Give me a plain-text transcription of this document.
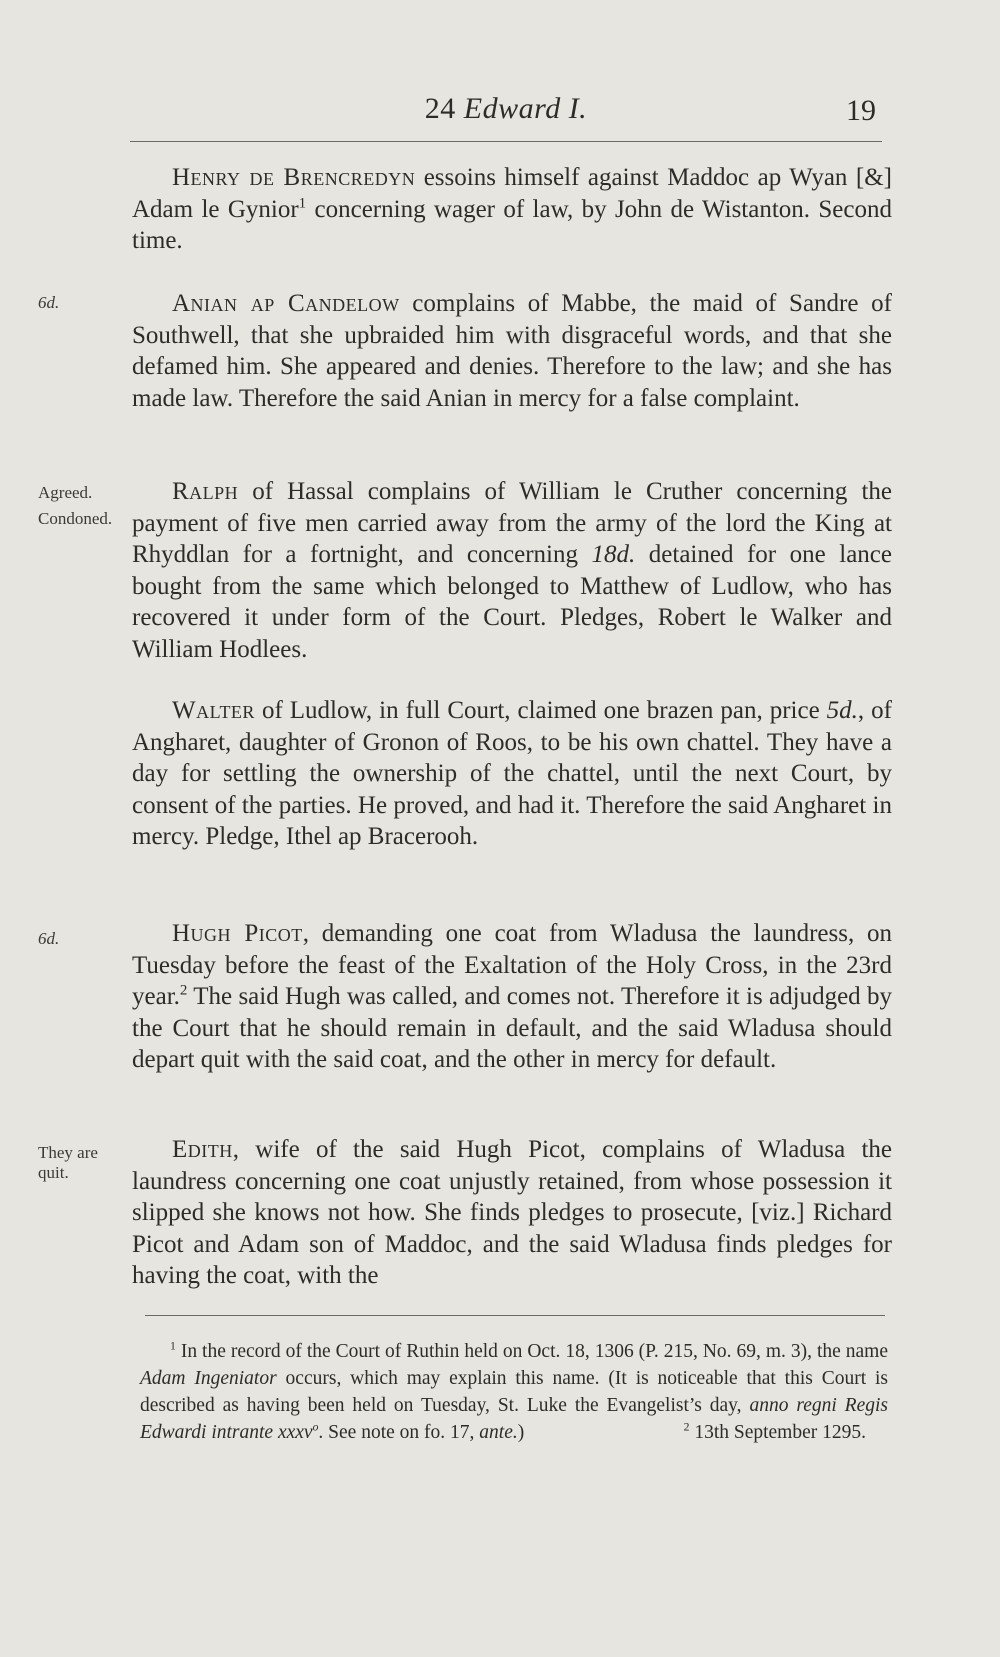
24 Edward I.	19

Henry de Brencredyn essoins himself against Maddoc ap Wyan [&] Adam le Gynior$^1$ concerning wager of law, by John de Wistanton. Second time.

6d.	Anian ap Candelow complains of Mabbe, the maid of Sandre of Southwell, that she upbraided him with disgraceful words, and that she defamed him. She appeared and denies. Therefore to the law; and she has made law. Therefore the said Anian in mercy for a false complaint.

Agreed.
Condoned.

Ralph of Hassal complains of William le Cruther concerning the payment of five men carried away from the army of the lord the King at Rhyddlan for a fortnight, and concerning 18d. detained for one lance bought from the same which belonged to Matthew of Ludlow, who has recovered it under form of the Court. Pledges, Robert le Walker and William Hodlees.

Walter of Ludlow, in full Court, claimed one brazen pan, price 5d., of Angharet, daughter of Gronon of Roos, to be his own chattel. They have a day for settling the ownership of the chattel, until the next Court, by consent of the parties. He proved, and had it. Therefore the said Angharet in mercy. Pledge, Ithel ap Bracerooh.

6d.	Hugh Picot, demanding one coat from Wladusa the laundress, on Tuesday before the feast of the Exaltation of the Holy Cross, in the 23rd year.$^2$ The said Hugh was called, and comes not. Therefore it is adjudged by the Court that he should remain in default, and the said Wladusa should depart quit with the said coat, and the other in mercy for default.

They are
quit.

Edith, wife of the said Hugh Picot, complains of Wladusa the laundress concerning one coat unjustly retained, from whose possession it slipped she knows not how. She finds pledges to prosecute, [viz.] Richard Picot and Adam son of Maddoc, and the said Wladusa finds pledges for having the coat, with the

$^1$ In the record of the Court of Ruthin held on Oct. 18, 1306 (P. 215, No. 69, m. 3), the name Adam Ingeniator occurs, which may explain this name. (It is noticeable that this Court is described as having been held on Tuesday, St. Luke the Evangelist’s day, anno regni Regis Edwardi intrante xxxv$^o$. See note on fo. 17, ante.)	$^2$ 13th September 1295.
